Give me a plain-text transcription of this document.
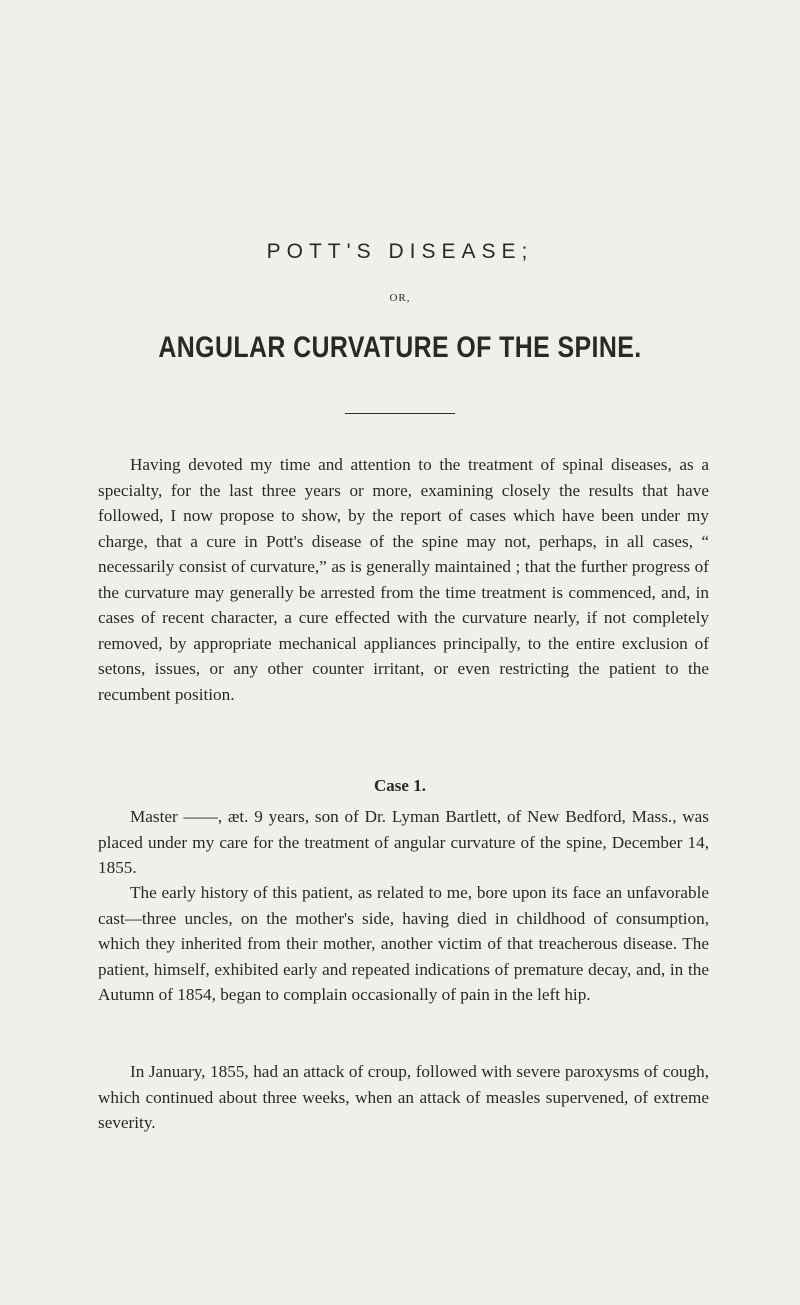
POTT'S DISEASE;
OR,
ANGULAR CURVATURE OF THE SPINE.

Having devoted my time and attention to the treatment of spinal diseases, as a specialty, for the last three years or more, examining closely the results that have followed, I now propose to show, by the report of cases which have been under my charge, that a cure in Pott's disease of the spine may not, perhaps, in all cases, “ necessarily consist of curvature,” as is generally maintained ; that the further progress of the curvature may generally be arrested from the time treatment is commenced, and, in cases of recent character, a cure effected with the curvature nearly, if not completely removed, by appropriate mechanical appliances principally, to the entire exclusion of setons, issues, or any other counter irritant, or even restricting the patient to the recumbent position.

Case 1.

Master ——, æt. 9 years, son of Dr. Lyman Bartlett, of New Bedford, Mass., was placed under my care for the treatment of angular curvature of the spine, December 14, 1855.

The early history of this patient, as related to me, bore upon its face an unfavorable cast—three uncles, on the mother's side, having died in childhood of consumption, which they inherited from their mother, another victim of that treacherous disease. The patient, himself, exhibited early and repeated indications of premature decay, and, in the Autumn of 1854, began to complain occasionally of pain in the left hip.

In January, 1855, had an attack of croup, followed with severe paroxysms of cough, which continued about three weeks, when an attack of measles supervened, of extreme severity.
